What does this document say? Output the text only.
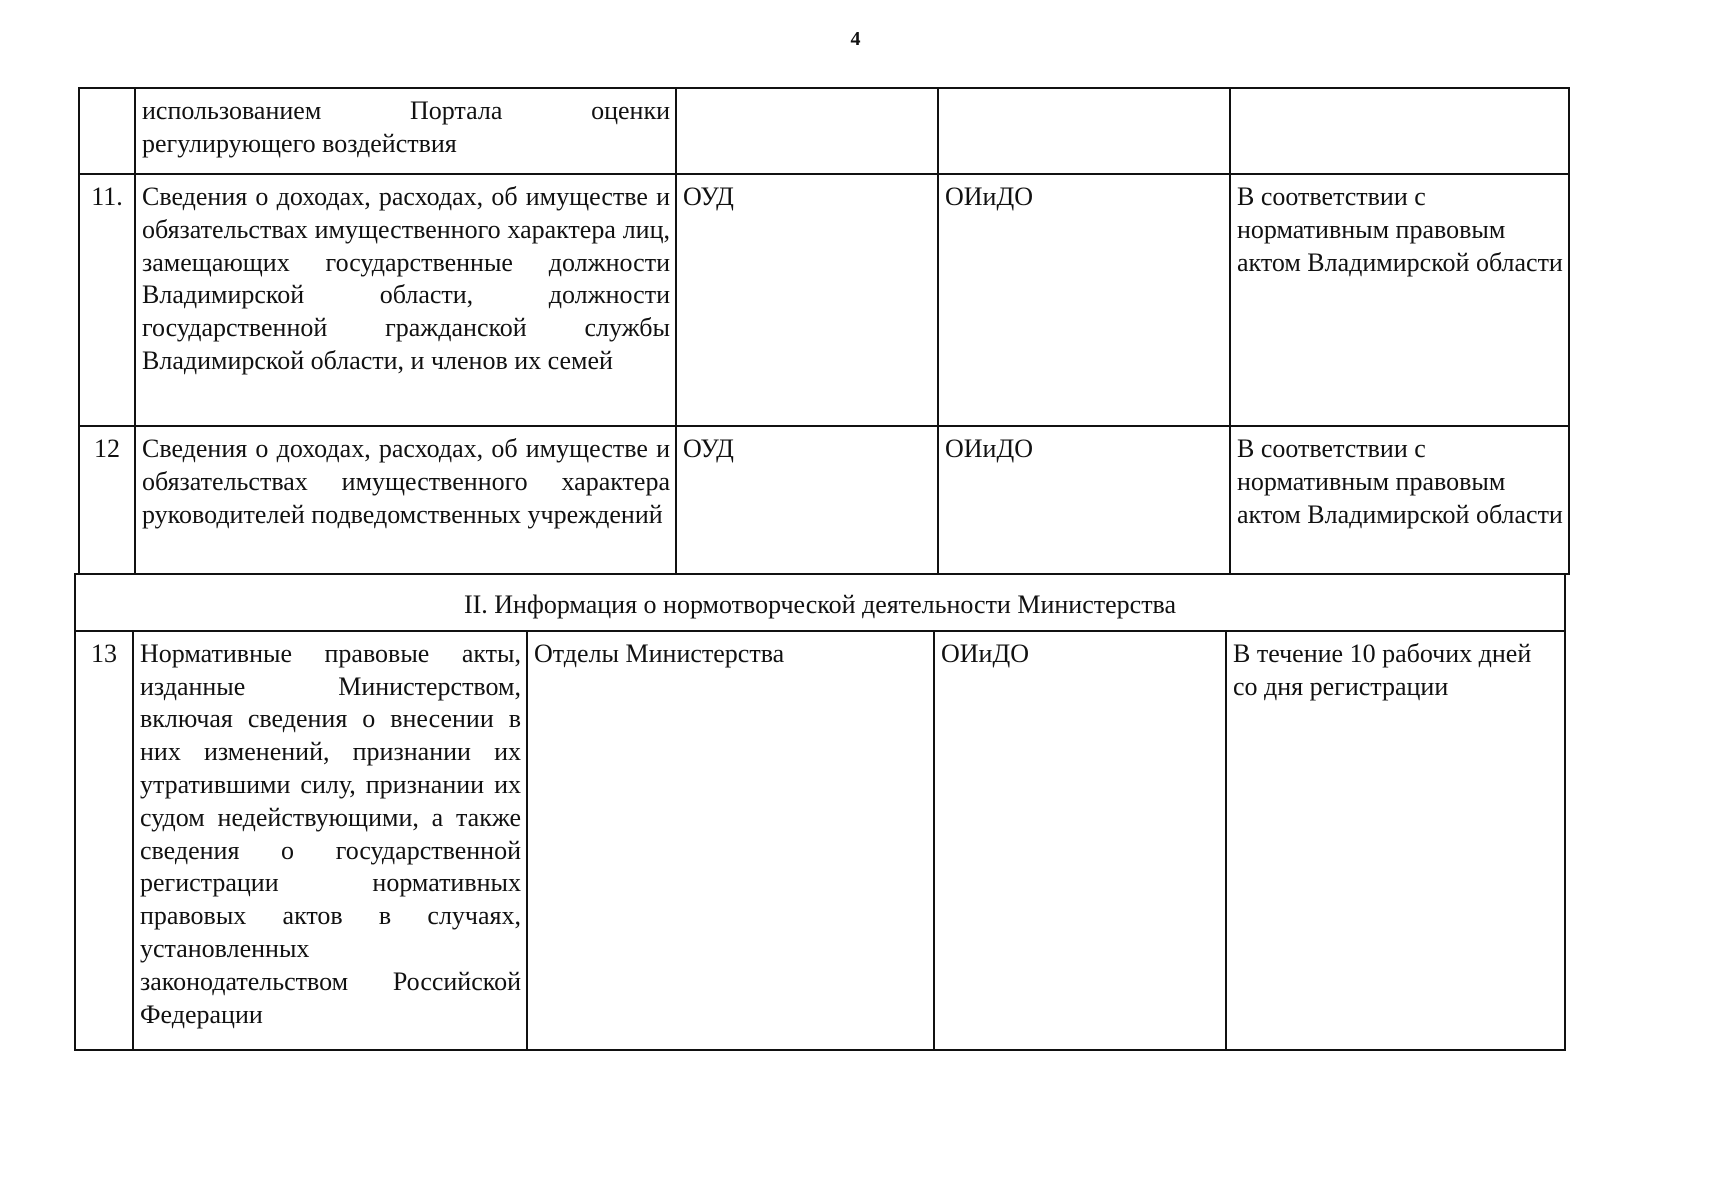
4
	использованием Портала оценки регулирующего воздействия			
11.	Сведения о доходах, расходах, об имуществе и обязательствах имущественного характера лиц, замещающих государственные должности Владимирской области, должности государственной гражданской службы Владимирской области, и членов их семей	ОУД	ОИиДО	В соответствии с нормативным правовым актом Владимирской области
12	Сведения о доходах, расходах, об имуществе и обязательствах имущественного характера руководителей подведомственных учреждений	ОУД	ОИиДО	В соответствии с нормативным правовым актом Владимирской области
II. Информация о нормотворческой деятельности Министерства
13	Нормативные правовые акты, изданные Министерством, включая сведения о внесении в них изменений, признании их утратившими силу, признании их судом недействующими, а также сведения о государственной регистрации нормативных правовых актов в случаях, установленных законодательством Российской Федерации	Отделы Министерства	ОИиДО	В течение 10 рабочих дней со дня регистрации
